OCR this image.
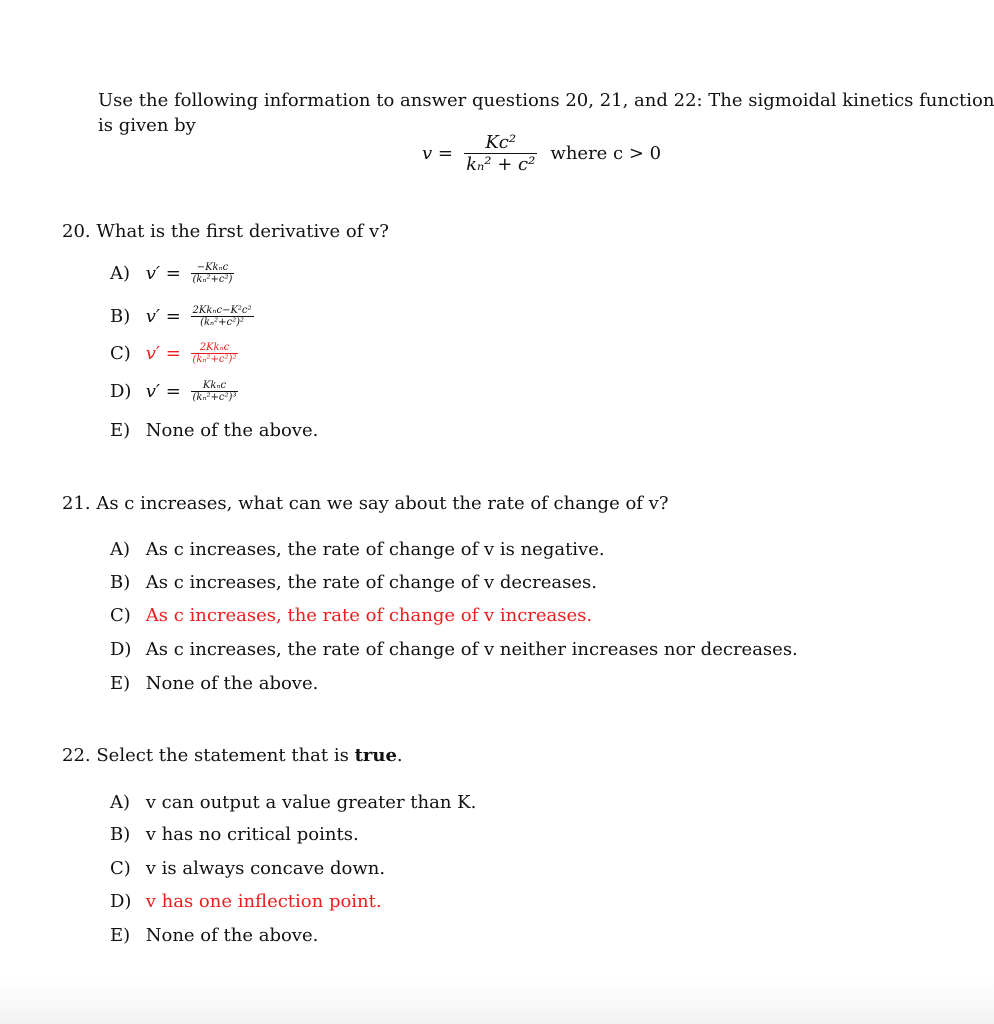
Use the following information to answer questions 20, 21, and 22: The sigmoidal kinetics function
is given by
$v = \frac{\text{Kc²}}{\text{kₙ² + c²}}$ where c > 0
20. What is the first derivative of v?
A) $v' = \frac{\text{−Kkₙc}}{\text{(kₙ²+c²)}}$
B) $v' = \frac{\text{2Kkₙc−K²c²}}{\text{(kₙ²+c²)²}}$
C) $v' = \frac{\text{2Kkₙc}}{\text{(kₙ²+c²)²}}$
D) $v' = \frac{\text{Kkₙc}}{\text{(kₙ²+c²)³}}$
E) None of the above.
21. As c increases, what can we say about the rate of change of v?
A) As c increases, the rate of change of v is negative.
B) As c increases, the rate of change of v decreases.
C) As c increases, the rate of change of v increases.
D) As c increases, the rate of change of v neither increases nor decreases.
E) None of the above.
22. Select the statement that is true.
A) v can output a value greater than K.
B) v has no critical points.
C) v is always concave down.
D) v has one inflection point.
E) None of the above.
